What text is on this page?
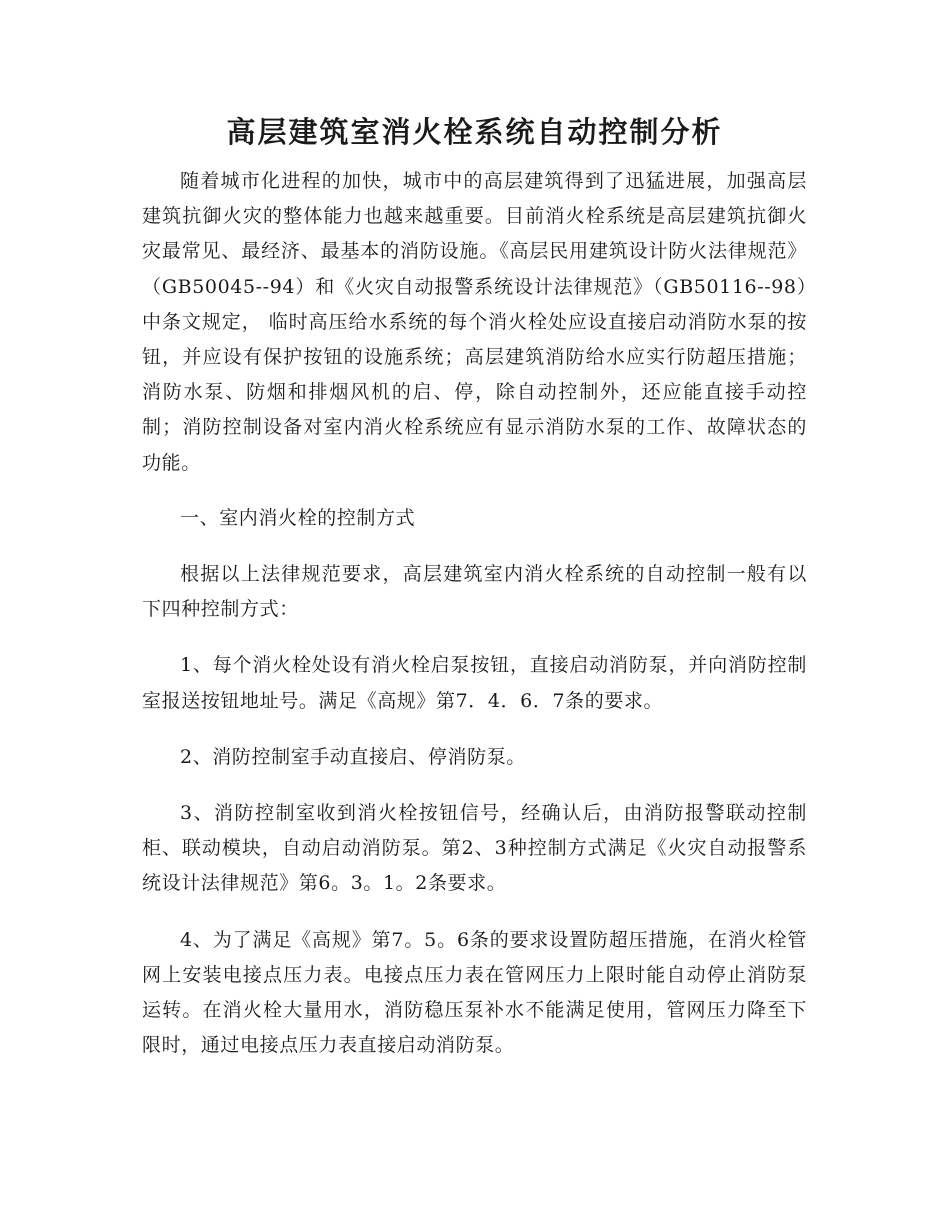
高层建筑室消火栓系统自动控制分析

随着城市化进程的加快，城市中的高层建筑得到了迅猛进展，加强高层建筑抗御火灾的整体能力也越来越重要。目前消火栓系统是高层建筑抗御火灾最常见、最经济、最基本的消防设施。《高层民用建筑设计防火法律规范》（GB50045--94）和《火灾自动报警系统设计法律规范》（GB50116--98）中条文规定， 临时高压给水系统的每个消火栓处应设直接启动消防水泵的按钮，并应设有保护按钮的设施系统；高层建筑消防给水应实行防超压措施；消防水泵、防烟和排烟风机的启、停，除自动控制外，还应能直接手动控制；消防控制设备对室内消火栓系统应有显示消防水泵的工作、故障状态的功能。

一、室内消火栓的控制方式

根据以上法律规范要求，高层建筑室内消火栓系统的自动控制一般有以下四种控制方式：

1、每个消火栓处设有消火栓启泵按钮，直接启动消防泵，并向消防控制室报送按钮地址号。满足《高规》第7．4．6．7条的要求。

2、消防控制室手动直接启、停消防泵。

3、消防控制室收到消火栓按钮信号，经确认后，由消防报警联动控制柜、联动模块，自动启动消防泵。第2、3种控制方式满足《火灾自动报警系统设计法律规范》第6。3。1。2条要求。

4、为了满足《高规》第7。5。6条的要求设置防超压措施，在消火栓管网上安装电接点压力表。电接点压力表在管网压力上限时能自动停止消防泵运转。在消火栓大量用水，消防稳压泵补水不能满足使用，管网压力降至下限时，通过电接点压力表直接启动消防泵。
